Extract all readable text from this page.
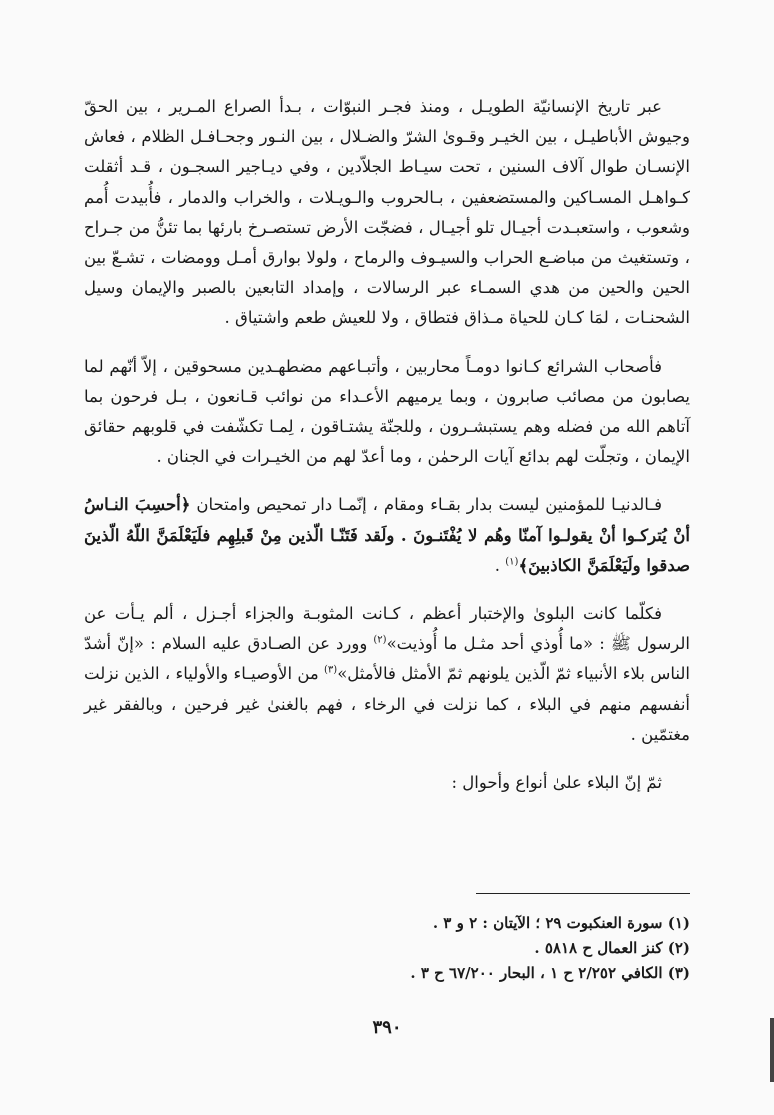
عبر تاريخ الإنسانيّة الطويـل ، ومنذ فجـر النبوّات ، بـدأ الصراع المـرير ، بين الحقّ وجيوش الأباطيـل ، بين الخيـر وقـوىٰ الشرّ والضـلال ، بين النـور وجحـافـل الظلام ، فعاش الإنسـان طوال آلاف السنين ، تحت سيـاط الجلاّدين ، وفي ديـاجير السجـون ، قـد أثقلت كـواهـل المسـاكين والمستضعفين ، بـالحروب والـويـلات ، والخراب والدمار ، فأُبيدت أُمم وشعوب ، واستعبـدت أجيـال تلو أجيـال ، فضجّت الأرض تستصـرخ بارئها بما تئنُّ من جـراح ، وتستغيث من مباضـع الحراب والسيـوف والرماح ، ولولا بوارق أمـل وومضات ، تشـعّ بين الحين والحين من هدي السمـاء عبر الرسالات ، وإمداد التابعين بالصبر والإيمان وسيل الشحنـات ، لمَا كـان للحياة مـذاق فتطاق ، ولا للعيش طعم واشتياق .

فأصحاب الشرائع كـانوا دومـاً محاربين ، وأتبـاعهم مضطهـدين مسحوقين ، إلاّ أنّهم لما يصابون من مصائب صابرون ، وبما يرميهم الأعـداء من نوائب قـانعون ، بـل فرحون بما آتاهم الله من فضله وهم يستبشـرون ، وللجنّة يشتـاقون ، لِمـا تكشّفت في قلوبهم حقائق الإيمان ، وتجلّت لهم بدائع آيات الرحمٰن ، وما أعدّ لهم من الخيـرات في الجنان .

فـالدنيـا للمؤمنين ليست بدار بقـاء ومقام ، إنّمـا دار تمحيص وامتحان ﴿أحسِبَ النـاسُ أنْ يُتركـوا أنْ يقولـوا آمنّا وهُم لا يُفْتَنـونَ . ولَقد فَتَنّـا الّذين مِنْ قَبلِهِم فلَيَعْلَمَنَّ اللّهُ الّذينَ صدقوا ولَيَعْلَمَنَّ الكاذبينَ﴾$^{(١)}$ .

فكلّما كانت البلوىٰ والإختبار أعظم ، كـانت المثوبـة والجزاء أجـزل ، ألم يـأت عن الرسول ﷺ : «ما أُوذي أحد مثـل ما أُوذيت»$^{(٢)}$ وورد عن الصـادق عليه السلام : «إنّ أشدّ الناس بلاء الأنبياء ثمّ الّذين يلونهم ثمّ الأمثل فالأمثل»$^{(٣)}$ من الأوصيـاء والأولياء ، الذين نزلت أنفسهم منهم في البلاء ، كما نزلت في الرخاء ، فهم بالغنىٰ غير فرحين ، وبالفقر غير مغتمّين .

ثمّ إنّ البلاء علىٰ أنواع وأحوال :

(١) سورة العنكبوت ٢٩ ؛ الآيتان : ٢ و ٣ .

(٢) كنز العمال ح ٥٨١٨ .

(٣) الكافي ٢/٢٥٢ ح ١ ، البحار ٦٧/٢٠٠ ح ٣ .

٣٩٠
